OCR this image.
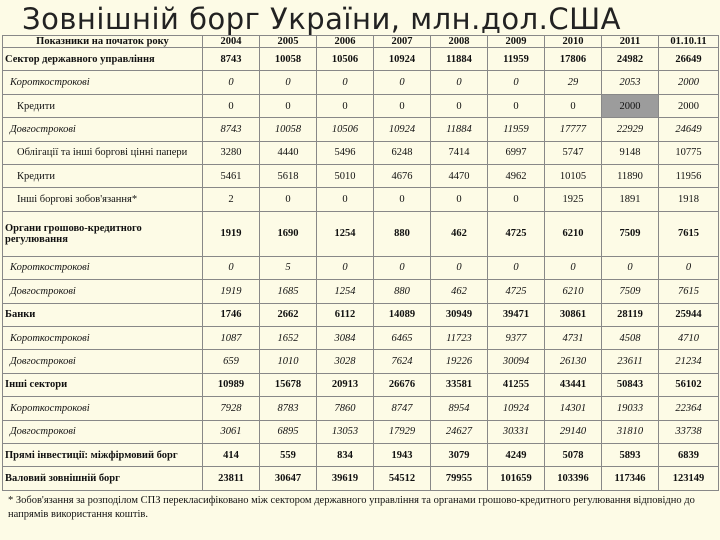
Зовнішній борг України, млн.дол.США
Показники на початок року	2004	2005	2006	2007	2008	2009	2010	2011	01.10.11
Сектор державного управління	8743	10058	10506	10924	11884	11959	17806	24982	26649
Короткострокові	0	0	0	0	0	0	29	2053	2000
Кредити	0	0	0	0	0	0	0	2000	2000
Довгострокові	8743	10058	10506	10924	11884	11959	17777	22929	24649
Облігації та інші боргові цінні папери	3280	4440	5496	6248	7414	6997	5747	9148	10775
Кредити	5461	5618	5010	4676	4470	4962	10105	11890	11956
Інші боргові зобов'язання*	2	0	0	0	0	0	1925	1891	1918
Органи грошово-кредитного регулювання	1919	1690	1254	880	462	4725	6210	7509	7615
Короткострокові	0	5	0	0	0	0	0	0	0
Довгострокові	1919	1685	1254	880	462	4725	6210	7509	7615
Банки	1746	2662	6112	14089	30949	39471	30861	28119	25944
Короткострокові	1087	1652	3084	6465	11723	9377	4731	4508	4710
Довгострокові	659	1010	3028	7624	19226	30094	26130	23611	21234
Інші сектори	10989	15678	20913	26676	33581	41255	43441	50843	56102
Короткострокові	7928	8783	7860	8747	8954	10924	14301	19033	22364
Довгострокові	3061	6895	13053	17929	24627	30331	29140	31810	33738
Прямі інвестиції: міжфірмовий борг	414	559	834	1943	3079	4249	5078	5893	6839
Валовий зовнішній борг	23811	30647	39619	54512	79955	101659	103396	117346	123149
* Зобов'язання за розподілом СПЗ перекласифіковано між сектором державного управління та органами грошово-кредитного регулювання відповідно до напрямів використання коштів.
